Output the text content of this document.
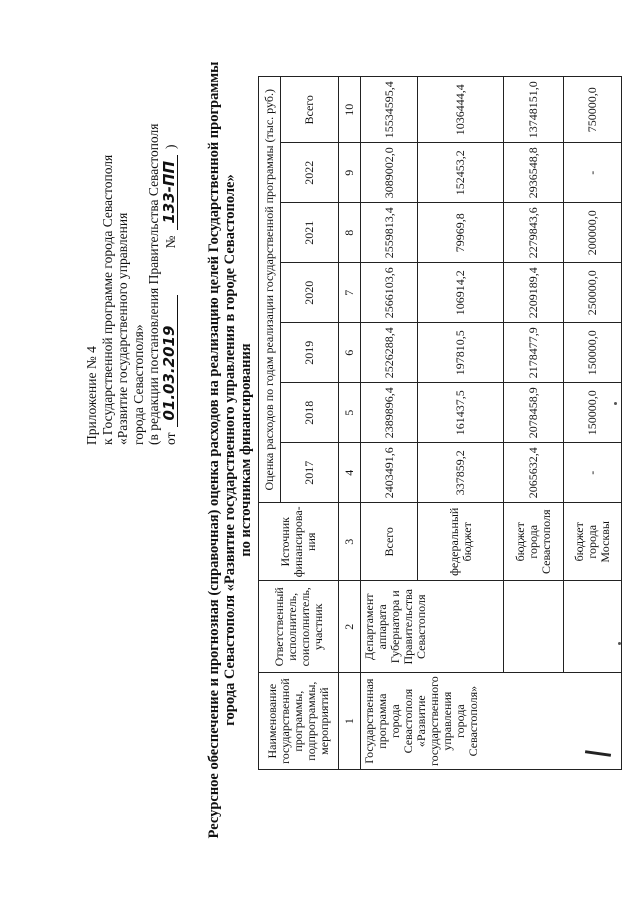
Приложение № 4 к Государственной программе города Севастополя «Развитие государственного управления города Севастополя» (в редакции постановления Правительства Севастополя от
01.03.2019
№
133-ПП
) Ресурсное обеспечение и прогнозная (справочная) оценка расходов на реализацию целей Государственной программы города Севастополя «Развитие государственного управления в городе Севастополе» по источникам финансирования
Наименование государственной программы, подпрограммы, мероприятий	Ответственный исполнитель, соисполнитель, участник	Источник финансирова-ния	Оценка расходов по годам реализации государственной программы (тыс. руб.)						
			2017	2018	2019	2020	2021	2022	Всего
1	2	3	4	5	6	7	8	9	10
Государственная программа города Севастополя «Развитие государственного управления города Севастополя»	Департамент аппарата Губернатора и Правительства Севастополя	Всего	2403491,6	2389896,4	2526288,4	2566103,6	2559813,4	3089002,0	15534595,4
		федеральный бюджет	337859,2	161437,5	197810,5	106914,2	79969,8	152453,2	1036444,4
		бюджет города Севастополя	2065632,4	2078458,9	2178477,9	2209189,4	2279843,6	2936548,8	13748151,0
		бюджет города Москвы	-	150000,0	150000,0	250000,0	200000,0	-	750000,0
